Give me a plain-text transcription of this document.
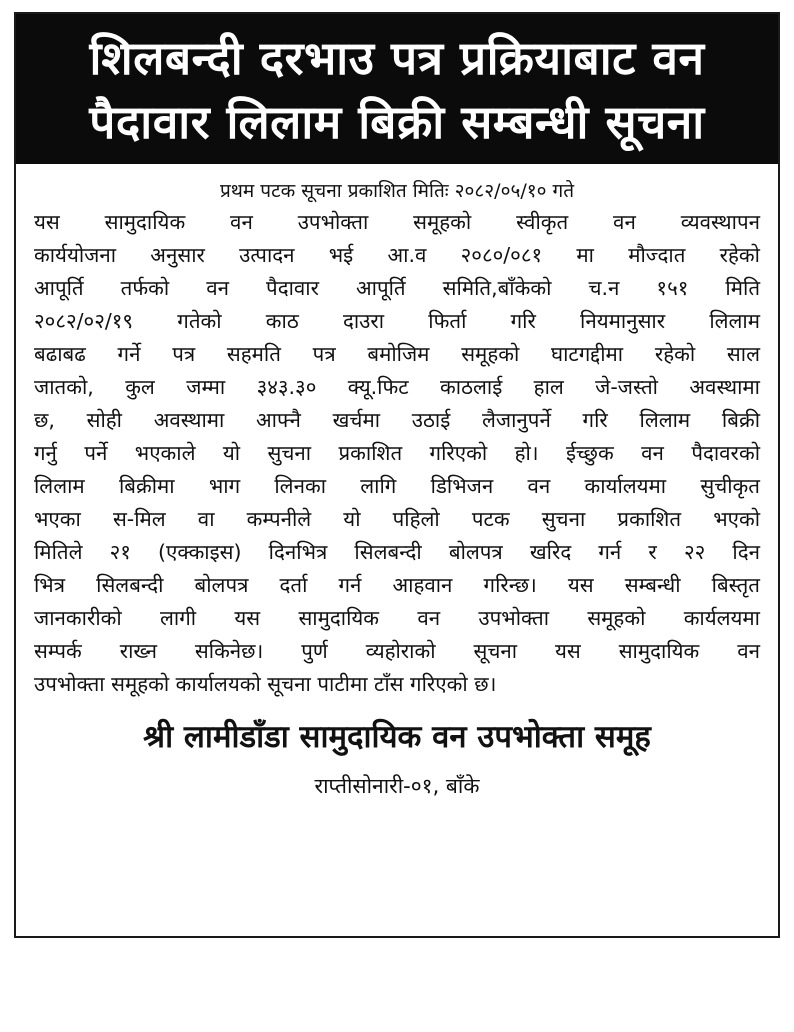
शिलबन्दी दरभाउ पत्र प्रक्रियाबाट वन
पैदावार लिलाम बिक्री सम्बन्धी सूचना
प्रथम पटक सूचना प्रकाशित मितिः २०८२/०५/१० गते
यस सामुदायिक वन उपभोक्ता समूहको स्वीकृत वन व्यवस्थापन
कार्ययोजना अनुसार उत्पादन भई आ.व २०८०/०८१ मा मौज्दात रहेको
आपूर्ति तर्फको वन पैदावार आपूर्ति समिति,बाँकेको च.न १५१ मिति
२०८२/०२/१९ गतेको काठ दाउरा फिर्ता गरि नियमानुसार लिलाम
बढाबढ गर्ने पत्र सहमति पत्र बमोजिम समूहको घाटगद्दीमा रहेको साल
जातको, कुल जम्मा ३४३.३० क्यू.फिट काठलाई हाल जे-जस्तो अवस्थामा
छ, सोही अवस्थामा आफ्नै खर्चमा उठाई लैजानुपर्ने गरि लिलाम बिक्री
गर्नु पर्ने भएकाले यो सुचना प्रकाशित गरिएको हो। ईच्छुक वन पैदावरको
लिलाम बिक्रीमा भाग लिनका लागि डिभिजन वन कार्यालयमा सुचीकृत
भएका स-मिल वा कम्पनीले यो पहिलो पटक सुचना प्रकाशित भएको
मितिले २१ (एक्काइस) दिनभित्र सिलबन्दी बोलपत्र खरिद गर्न र २२ दिन
भित्र सिलबन्दी बोलपत्र दर्ता गर्न आहवान गरिन्छ। यस सम्बन्धी बिस्तृत
जानकारीको लागी यस सामुदायिक वन उपभोक्ता समूहको कार्यलयमा
सम्पर्क राख्न सकिनेछ। पुर्ण व्यहोराको सूचना यस सामुदायिक वन
उपभोक्ता समूहको कार्यालयको सूचना पाटीमा टाँस गरिएको छ।
श्री लामीडाँडा सामुदायिक वन उपभोक्ता समूह
राप्तीसोनारी-०१, बाँके
